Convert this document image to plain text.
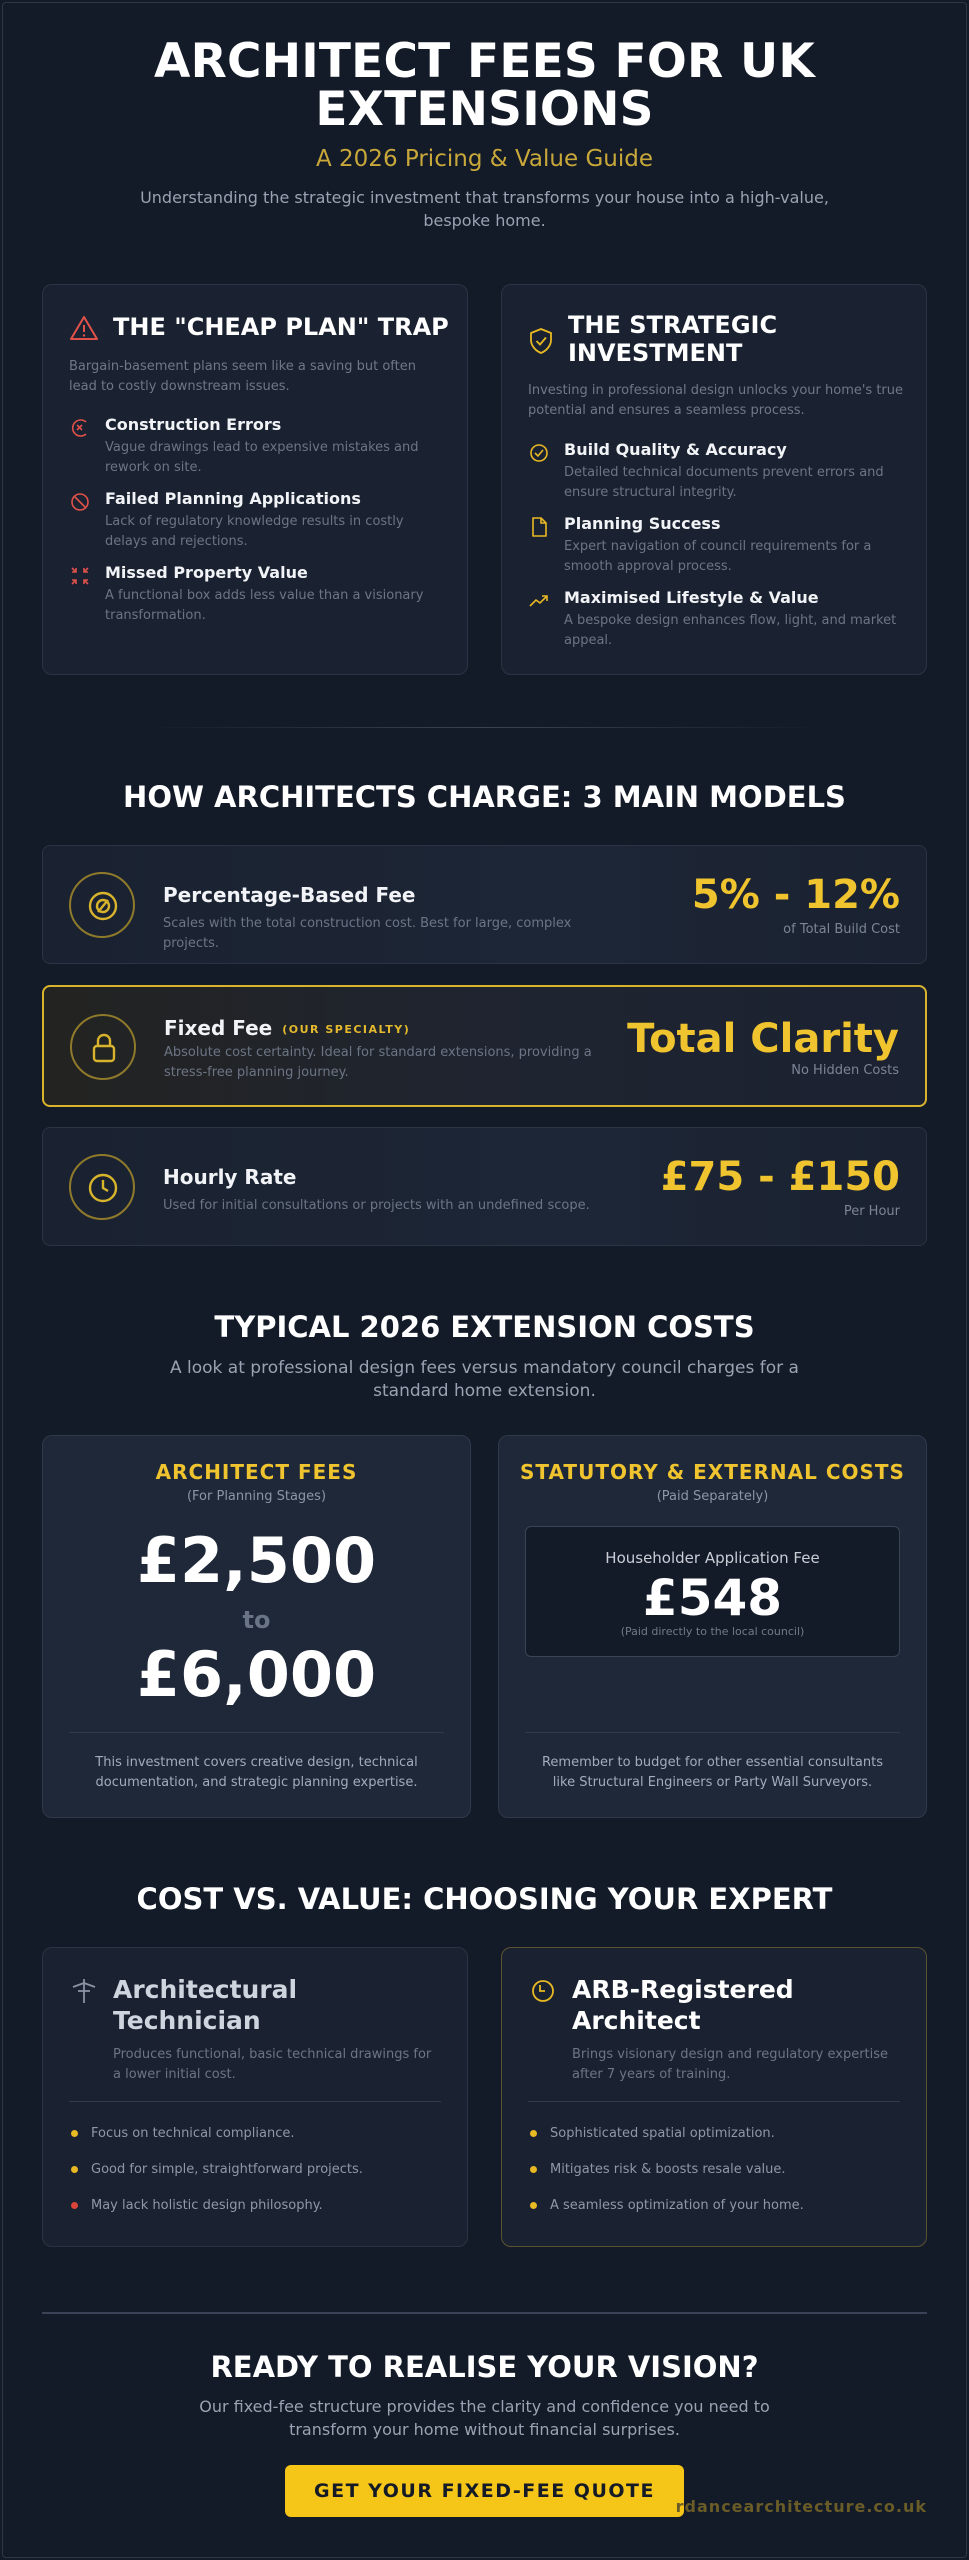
ARCHITECT FEES FOR UK
EXTENSIONS
A 2026 Pricing & Value Guide
Understanding the strategic investment that transforms your house into a high-value, bespoke home.
THE "CHEAP PLAN" TRAP
Bargain-basement plans seem like a saving but often lead to costly downstream issues.
Construction Errors
Vague drawings lead to expensive mistakes and rework on site.
Failed Planning Applications
Lack of regulatory knowledge results in costly delays and rejections.
Missed Property Value
A functional box adds less value than a visionary transformation.
THE STRATEGIC INVESTMENT
Investing in professional design unlocks your home's true potential and ensures a seamless process.
Build Quality & Accuracy
Detailed technical documents prevent errors and ensure structural integrity.
Planning Success
Expert navigation of council requirements for a smooth approval process.
Maximised Lifestyle & Value
A bespoke design enhances flow, light, and market appeal.
HOW ARCHITECTS CHARGE: 3 MAIN MODELS
Percentage-Based Fee
Scales with the total construction cost. Best for large, complex projects.
5% - 12%
of Total Build Cost
Fixed Fee (OUR SPECIALTY)
Absolute cost certainty. Ideal for standard extensions, providing a stress-free planning journey.
Total Clarity
No Hidden Costs
Hourly Rate
Used for initial consultations or projects with an undefined scope.
£75 - £150
Per Hour
TYPICAL 2026 EXTENSION COSTS
A look at professional design fees versus mandatory council charges for a standard home extension.
ARCHITECT FEES
(For Planning Stages)
£2,500
to
£6,000
This investment covers creative design, technical documentation, and strategic planning expertise.
STATUTORY & EXTERNAL COSTS
(Paid Separately)
Householder Application Fee
£548
(Paid directly to the local council)
Remember to budget for other essential consultants like Structural Engineers or Party Wall Surveyors.
COST VS. VALUE: CHOOSING YOUR EXPERT
Architectural Technician
Produces functional, basic technical drawings for a lower initial cost.
Focus on technical compliance.
Good for simple, straightforward projects.
May lack holistic design philosophy.
ARB-Registered Architect
Brings visionary design and regulatory expertise after 7 years of training.
Sophisticated spatial optimization.
Mitigates risk & boosts resale value.
A seamless optimization of your home.
READY TO REALISE YOUR VISION?
Our fixed-fee structure provides the clarity and confidence you need to transform your home without financial surprises.
GET YOUR FIXED-FEE QUOTE
rdancearchitecture.co.uk
